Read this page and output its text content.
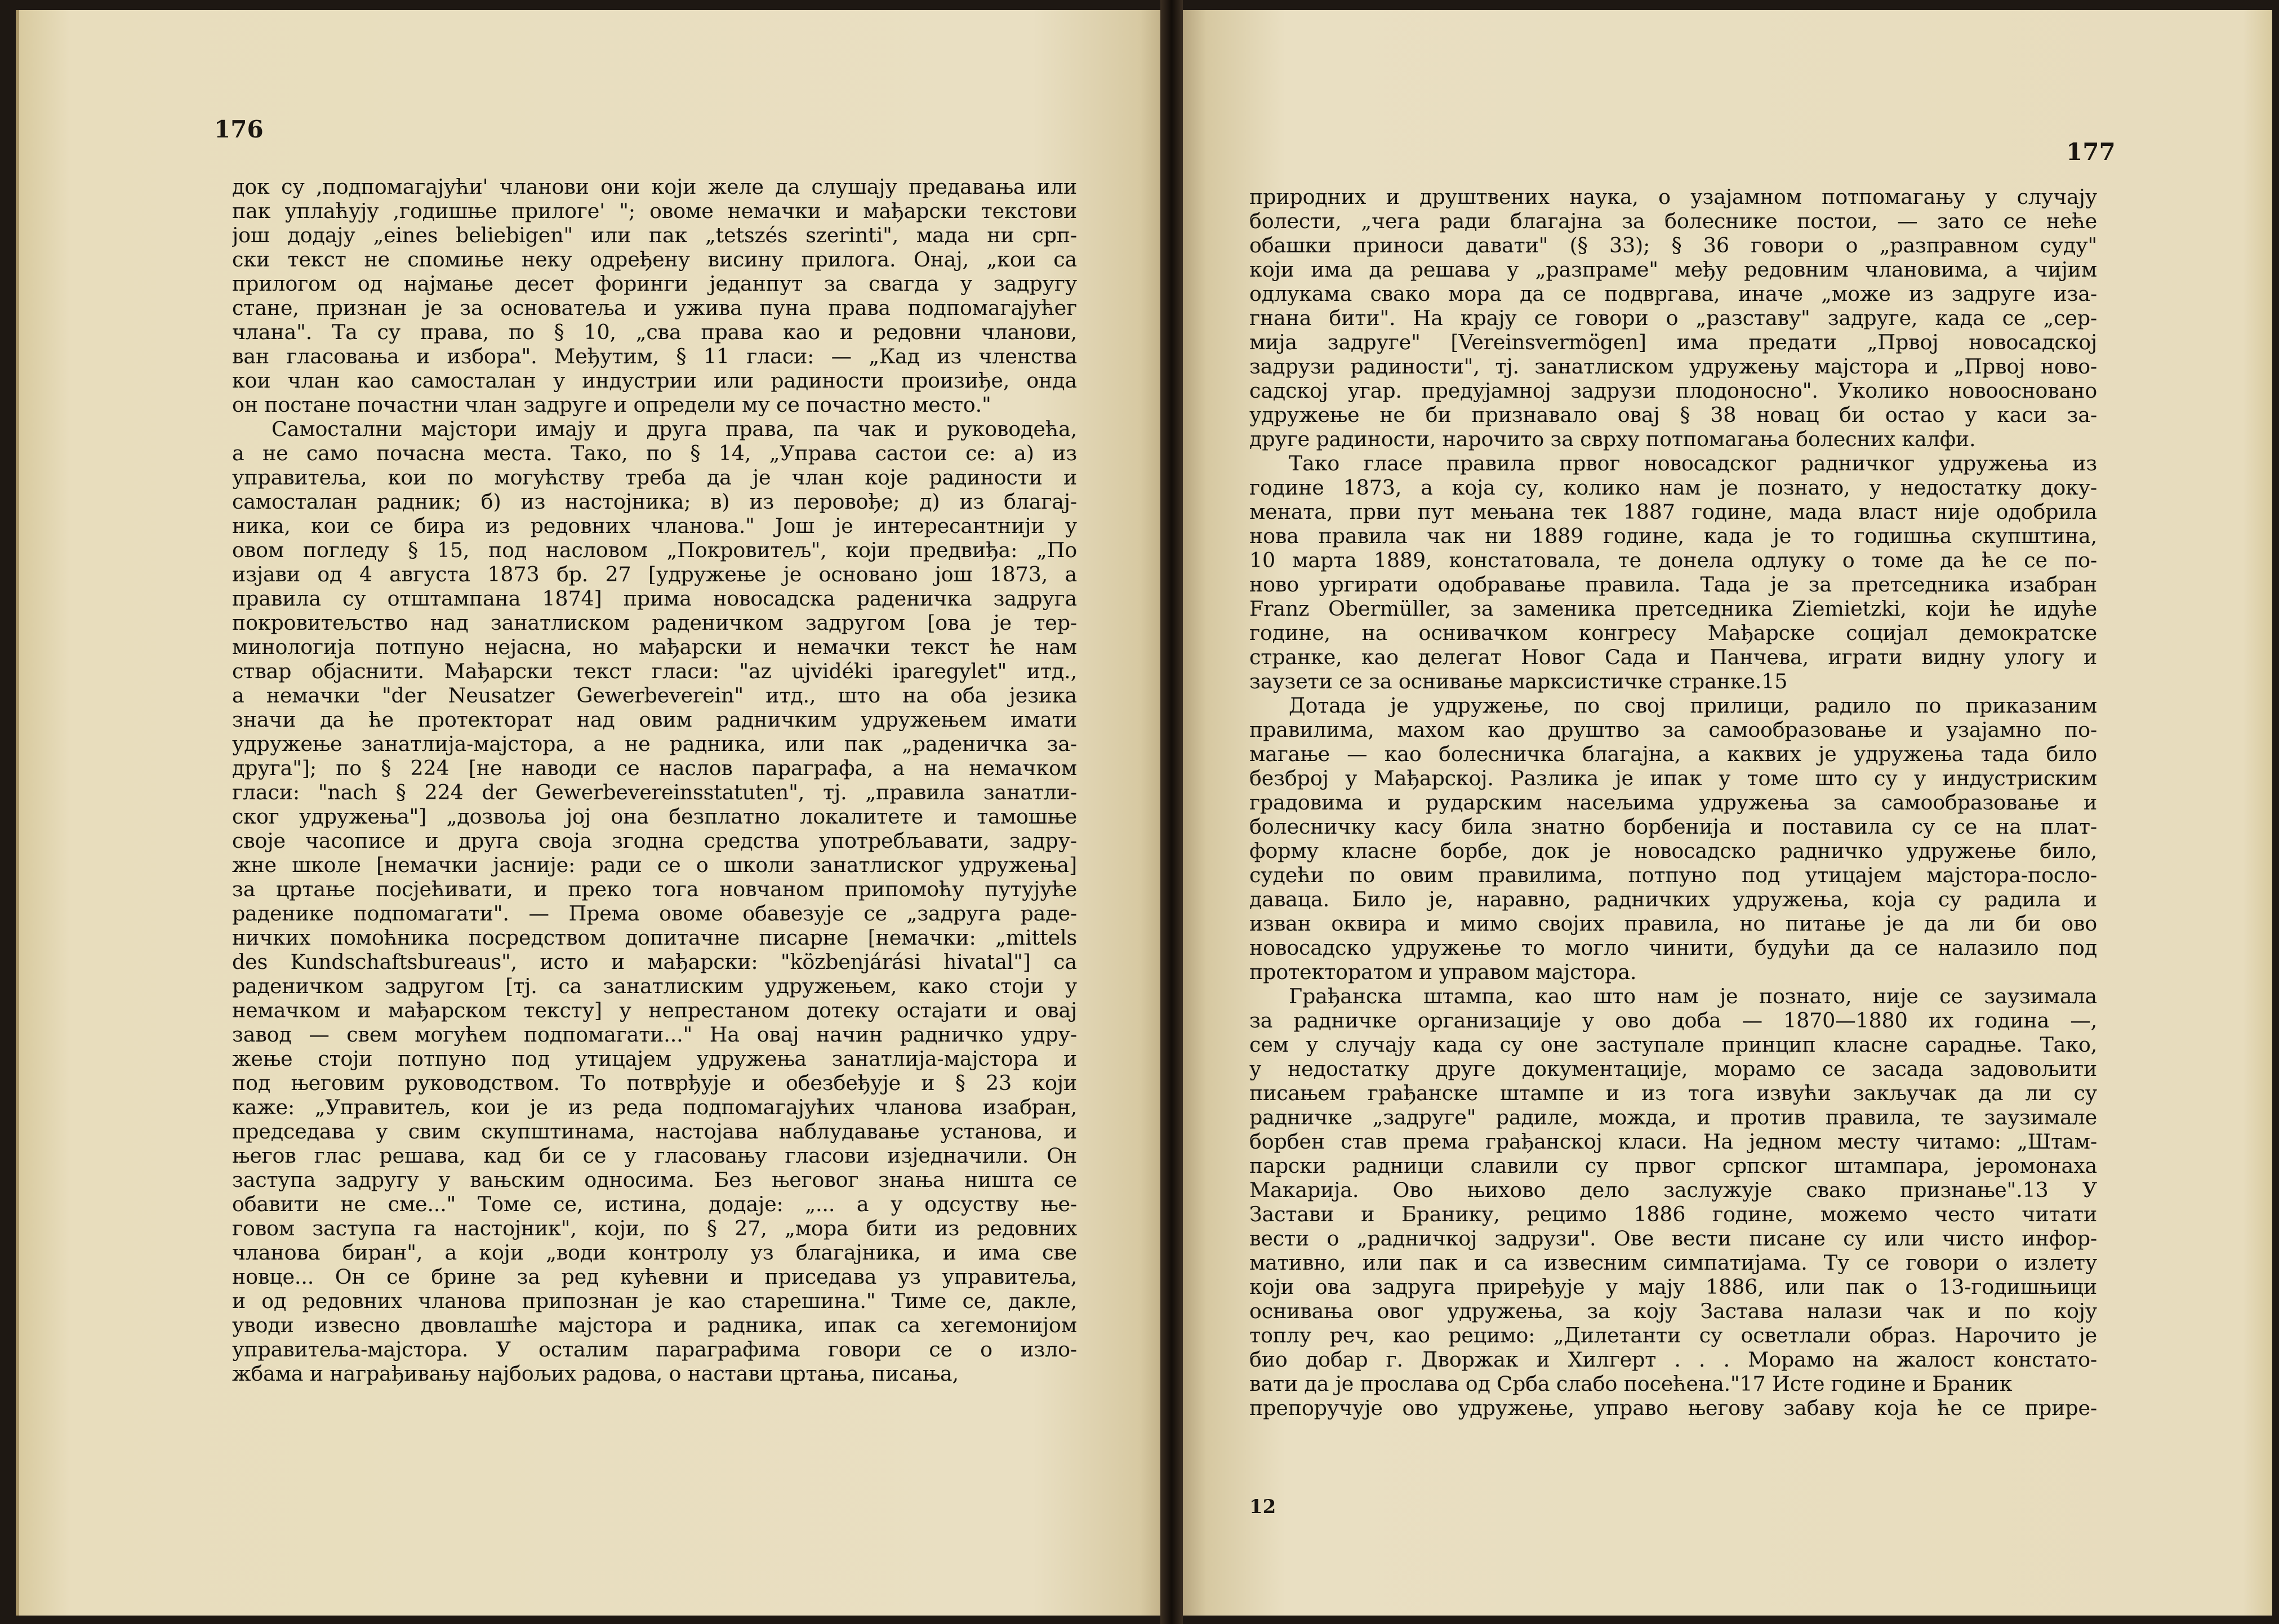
176
177
док су ,подпомагајући' чланови они који желе да слушају предавања или
пак уплаћују ,годишње прилоге' "; овоме немачки и мађарски текстови
још додају „eines beliebigen" или пак „tetszés szerinti", мада ни срп-
ски текст не спомиње неку одређену висину прилога. Онај, „кои са
прилогом од најмање десет форинги једанпут за свагда у задругу
стане, признан је за основатеља и ужива пуна права подпомагајућег
члана". Та су права, по § 10, „сва права као и редовни чланови,
ван гласовања и избора". Међутим, § 11 гласи: — „Кад из членства
кои члан као самосталан у индустрии или радиности произиђе, онда
он постане почастни члан задруге и определи му се почастно место."
Самостални мајстори имају и друга права, па чак и руководећа,
а не само почасна места. Тако, по § 14, „Управа састои се: а) из
управитеља, кои по могућству треба да је члан које радиности и
самосталан радник; б) из настојника; в) из перовође; д) из благај-
ника, кои се бира из редовних чланова." Још је интересантнији у
овом погледу § 15, под насловом „Покровитељ", који предвиђа: „По
изјави од 4 августа 1873 бр. 27 [удружење је основано још 1873, а
правила су отштампана 1874] прима новосадска раденичка задруга
покровитељство над занатлиском раденичком задругом [ова је тер-
минологија потпуно нејасна, но мађарски и немачки текст ће нам
ствар објаснити. Мађарски текст гласи: "az ujvidéki iparegylet" итд.,
а немачки "der Neusatzer Gewerbeverein" итд., што на оба језика
значи да ће протекторат над овим радничким удружењем имати
удружење занатлија-мајстора, а не радника, или пак „раденичка за-
друга"]; по § 224 [не наводи се наслов параграфа, а на немачком
гласи: "nach § 224 der Gewerbevereinsstatuten", тј. „правила занатли-
ског удружења"] „дозвоља јој она безплатно локалитете и тамошње
своје часописе и друга своја згодна средства употребљавати, задру-
жне школе [немачки јасније: ради се о школи занатлиског удружења]
за цртање посјећивати, и преко тога новчаном припомоћу путујуће
раденике подпомагати". — Према овоме обавезује се „задруга раде-
ничких помоћника посредством допитачне писарне [немачки: „mittels
des Kundschaftsbureaus", исто и мађарски: "közbenjárási hivatal"] са
раденичком задругом [тј. са занатлиским удружењем, како стоји у
немачком и мађарском тексту] у непрестаном дотеку остајати и овај
завод — свем могућем подпомагати..." На овај начин радничко удру-
жење стоји потпуно под утицајем удружења занатлија-мајстора и
под његовим руководством. То потврђује и обезбеђује и § 23 који
каже: „Управитељ, кои је из реда подпомагајућих чланова изабран,
председава у свим скупштинама, настојава наблудавање установа, и
његов глас решава, кад би се у гласовању гласови изједначили. Он
заступа задругу у вањским односима. Без његовог знања ништа се
обавити не сме..." Томе се, истина, додаје: „... а у одсуству ње-
говом заступа га настојник", који, по § 27, „мора бити из редовних
чланова биран", а који „води контролу уз благајника, и има све
новце... Он се брине за ред кућевни и приседава уз управитеља,
и од редовних чланова припознан је као старешина." Тиме се, дакле,
уводи извесно двовлашће мајстора и радника, ипак са хегемонијом
управитеља-мајстора. У осталим параграфима говори се о изло-
жбама и награђивању најбољих радова, о настави цртања, писања,
природних и друштвених наука, о узајамном потпомагању у случају
болести, „чега ради благајна за болеснике постои, — зато се неће
обашки приноси давати" (§ 33); § 36 говори о „разправном суду"
који има да решава у „разпраме" међу редовним члановима, а чијим
одлукама свако мора да се подвргава, иначе „може из задруге иза-
гнана бити". На крају се говори о „разставу" задруге, када се „сер-
мија задруге" [Vereinsvermögen] има предати „Првој новосадској
задрузи радиности", тј. занатлиском удружењу мајстора и „Првој ново-
садској угар. предујамној задрузи плодоносно". Уколико новоосновано
удружење не би признавало овај § 38 новац би остао у каси за-
другe радиности, нарочито за сврху потпомагања болесних калфи.
Тако гласе правила првог новосадског радничког удружења из
године 1873, а која су, колико нам је познато, у недостатку доку-
мената, први пут мењана тек 1887 године, мада власт није одобрила
нова правила чак ни 1889 године, када је то годишња скупштина,
10 марта 1889, констатовала, те донела одлуку о томе да ће се по-
ново ургирати одобравање правила. Тада је за претседника изабран
Franz Obermüller, за заменика претседника Ziemietzki, који ће идуће
године, на оснивачком конгресу Мађарске социјал демократске
странке, као делегат Новог Сада и Панчева, играти видну улогу и
заузети се за оснивање марксистичке странке.15
Дотада је удружење, по свој прилици, радило по приказаним
правилима, махом као друштво за самообразовање и узајамно по-
магање — као болесничка благајна, а каквих је удружења тада било
безброј у Мађарској. Разлика је ипак у томе што су у индустриским
градовима и рударским насељима удружења за самообразовање и
болесничку касу била знатно борбенија и поставила су се на плат-
форму класне борбе, док је новосадско радничко удружење било,
судећи по овим правилима, потпуно под утицајем мајстора-посло-
даваца. Било је, наравно, радничких удружења, која су радила и
изван оквира и мимо својих правила, но питање је да ли би ово
новосадско удружење то могло чинити, будући да се налазило под
протекторатом и управом мајстора.
Грађанска штампа, као што нам је познато, није се заузимала
за радничке организације у ово доба — 1870—1880 их година —,
сем у случају када су оне заступале принцип класне сарадње. Тако,
у недостатку друге документације, морамо се засада задовољити
писањем грађанске штампе и из тога извући закључак да ли су
радничке „задруге" радиле, можда, и против правила, те заузимале
борбен став према грађанској класи. На једном месту читамо: „Штам-
парски радници славили су првог српског штампара, јеромонаха
Макарија. Ово њихово дело заслужује свако признање".13 У
Застави и Бранику, рецимо 1886 године, можемо често читати
вести о „радничкој задрузи". Ове вести писане су или чисто инфор-
мативно, или пак и са извесним симпатијама. Ту се говори о излету
који ова задруга приређује у мају 1886, или пак о 13-годишњици
оснивања овог удружења, за коју Застава налази чак и по коју
топлу реч, као рецимо: „Дилетанти су осветлали образ. Нарочито је
био добар г. Дворжак и Хилгерт . . . Морамо на жалост констато-
вати да је прослава од Срба слабо посећена."17 Исте године и Браник
препоручује ово удружење, управо његову забаву која ће се прире-
12
